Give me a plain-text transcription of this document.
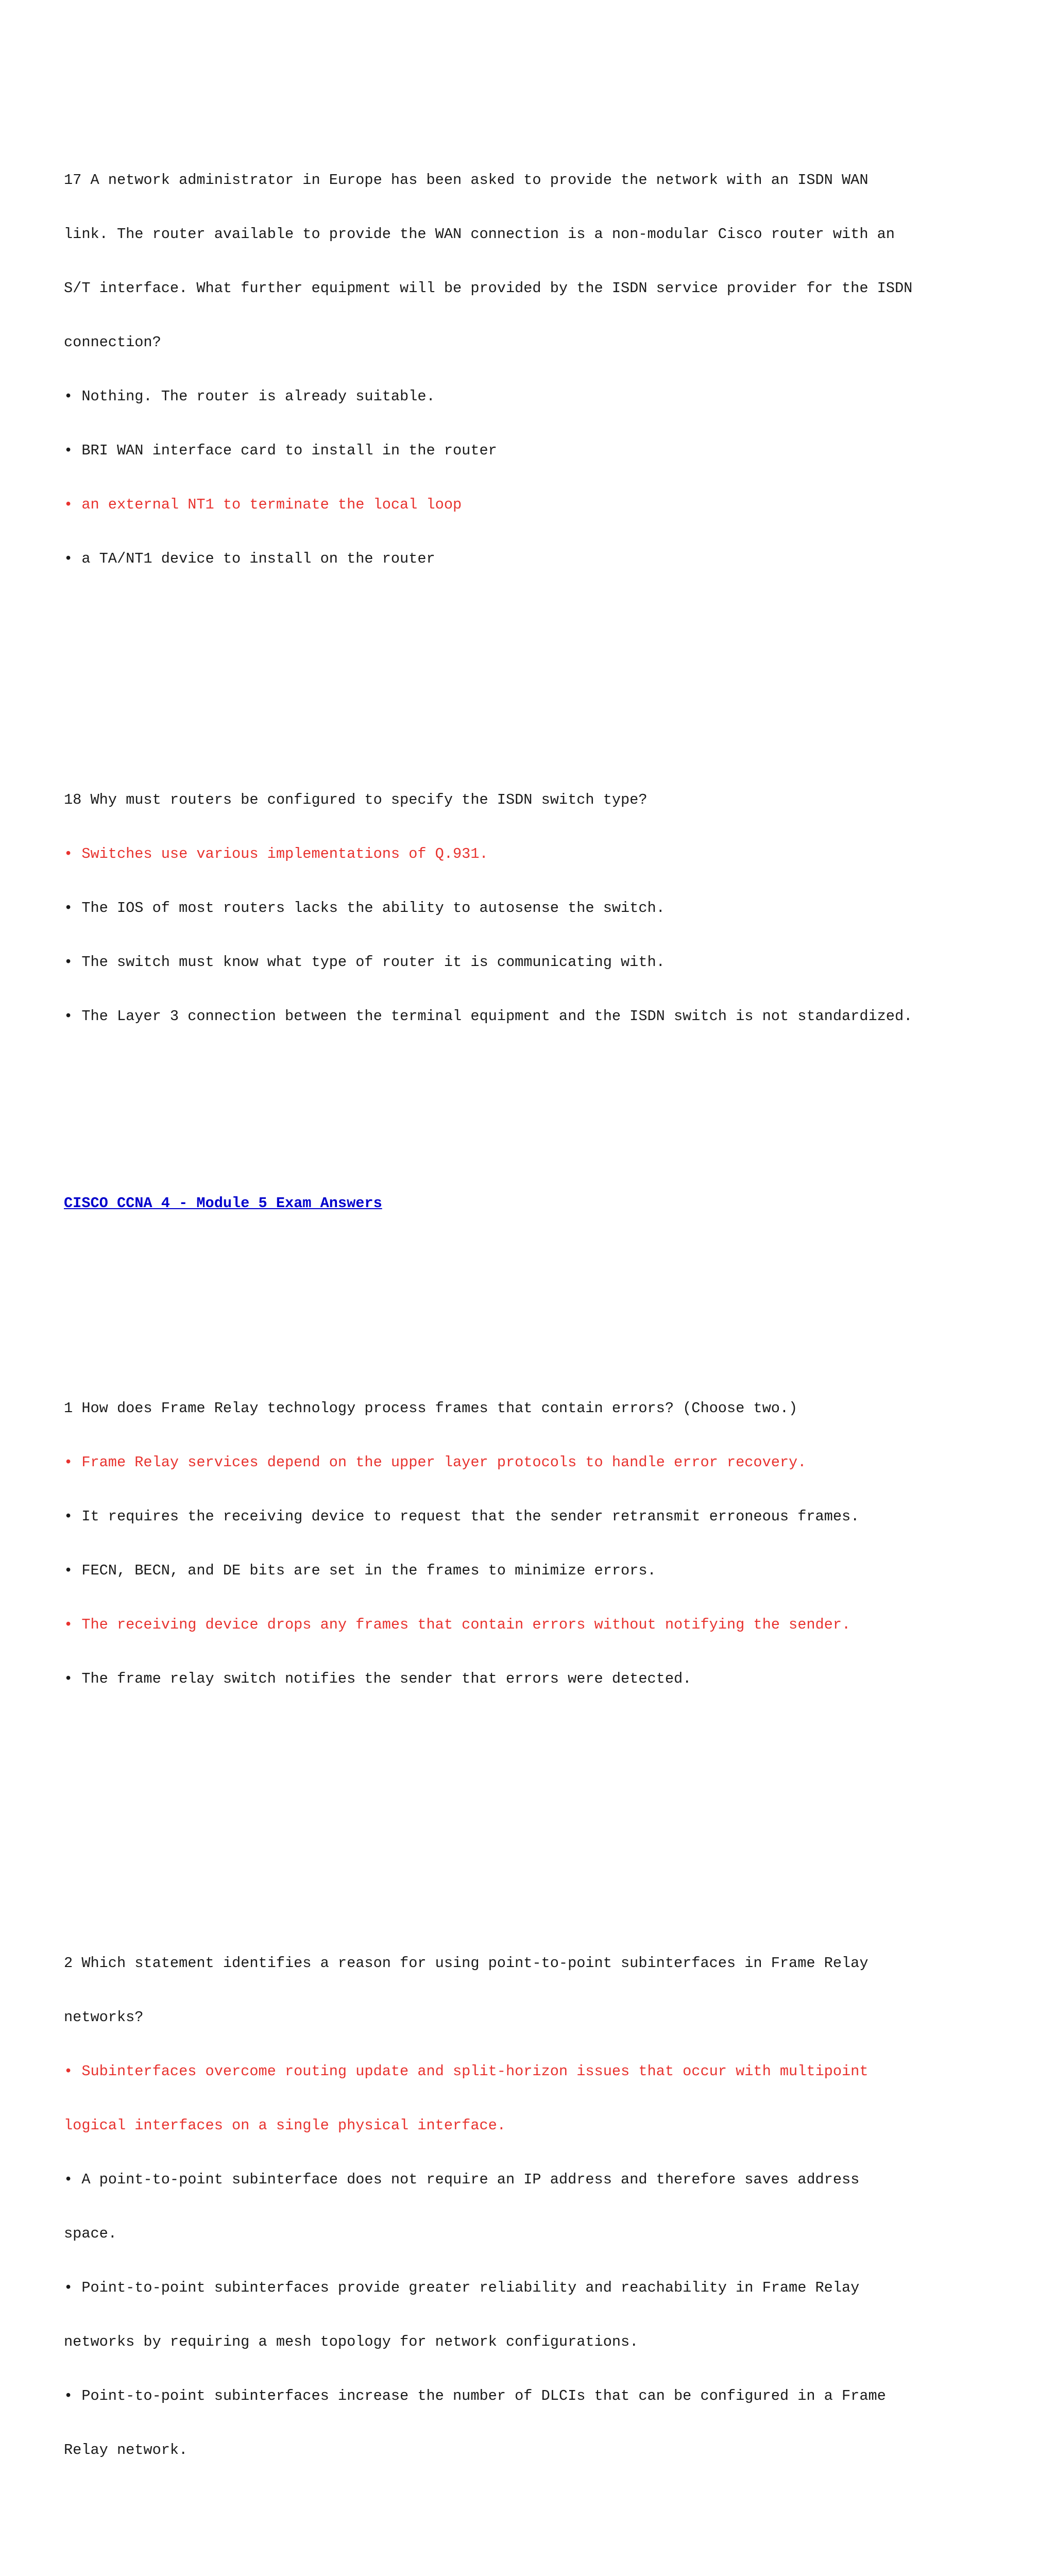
17 A network administrator in Europe has been asked to provide the network with an ISDN WAN

link. The router available to provide the WAN connection is a non-modular Cisco router with an

S/T interface. What further equipment will be provided by the ISDN service provider for the ISDN

connection?

• Nothing. The router is already suitable.

• BRI WAN interface card to install in the router

• an external NT1 to terminate the local loop

• a TA/NT1 device to install on the router

18 Why must routers be configured to specify the ISDN switch type?

• Switches use various implementations of Q.931.

• The IOS of most routers lacks the ability to autosense the switch.

• The switch must know what type of router it is communicating with.

• The Layer 3 connection between the terminal equipment and the ISDN switch is not standardized.

CISCO CCNA 4 - Module 5 Exam Answers

1 How does Frame Relay technology process frames that contain errors? (Choose two.)

• Frame Relay services depend on the upper layer protocols to handle error recovery.

• It requires the receiving device to request that the sender retransmit erroneous frames.

• FECN, BECN, and DE bits are set in the frames to minimize errors.

• The receiving device drops any frames that contain errors without notifying the sender.

• The frame relay switch notifies the sender that errors were detected.

2 Which statement identifies a reason for using point-to-point subinterfaces in Frame Relay

networks?

• Subinterfaces overcome routing update and split-horizon issues that occur with multipoint

logical interfaces on a single physical interface.

• A point-to-point subinterface does not require an IP address and therefore saves address

space.

• Point-to-point subinterfaces provide greater reliability and reachability in Frame Relay

networks by requiring a mesh topology for network configurations.

• Point-to-point subinterfaces increase the number of DLCIs that can be configured in a Frame

Relay network.
